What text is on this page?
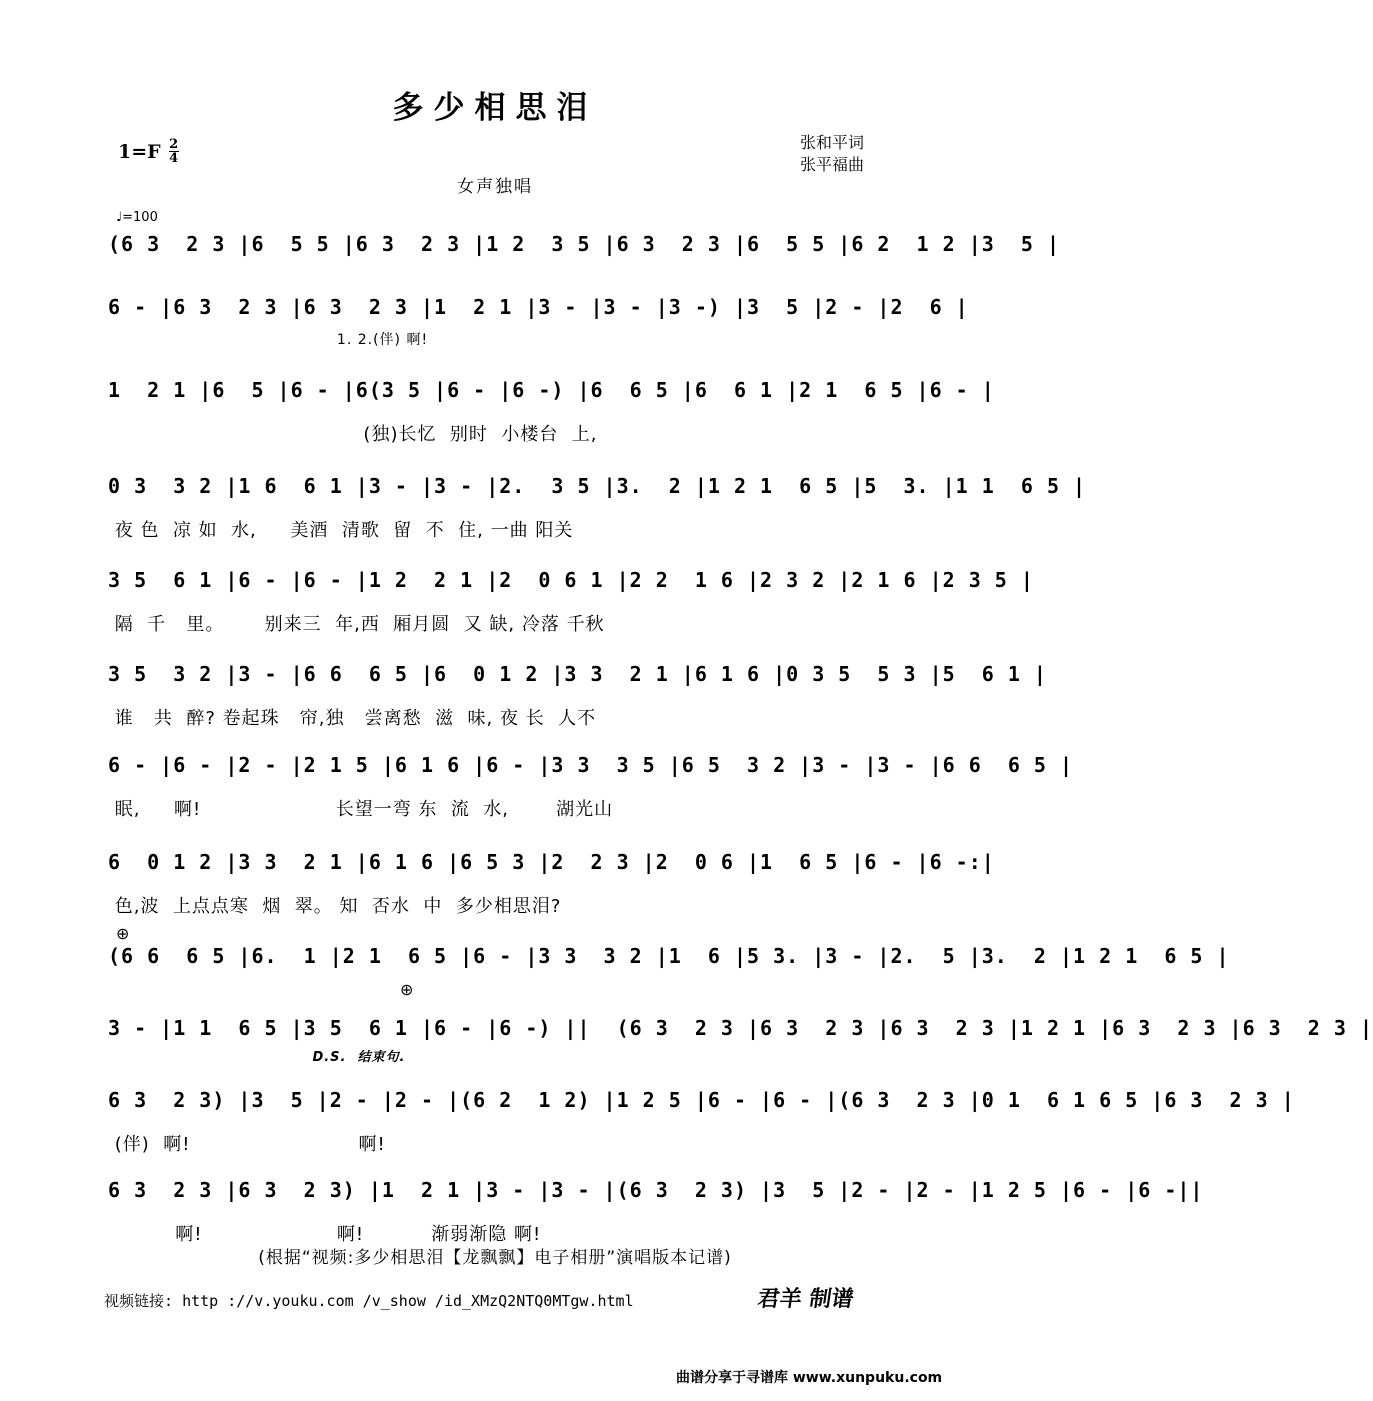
多少相思泪
$1=F \frac{2}{4}$	张和平词
张平福曲
女声独唱
♩=100
(6 3  2 3 |6  5 5 |6 3  2 3 |1 2  3 5 |6 3  2 3 |6  5 5 |6 2  1 2 |3  5 |
6 - |6 3  2 3 |6 3  2 3 |1  2 1 |3 - |3 - |3 -) |3  5 |2 - |2  6 |
1. 2.(伴) 啊!
1  2 1 |6  5 |6 - |6(3 5 |6 - |6 -) |6  6 5 |6  6 1 |2 1  6 5 |6 - |
(独)长忆  别时  小楼台  上,
0 3  3 2 |1 6  6 1 |3 - |3 - |2.  3 5 |3.  2 |1 2 1  6 5 |5  3. |1 1  6 5 |
夜 色  凉 如  水,     美酒  清歌  留  不  住, 一曲 阳关
3 5  6 1 |6 - |6 - |1 2  2 1 |2  0 6 1 |2 2  1 6 |2 3 2 |2 1 6 |2 3 5 |
隔  千   里。      别来三  年,西  厢月圆  又 缺, 冷落 千秋
3 5  3 2 |3 - |6 6  6 5 |6  0 1 2 |3 3  2 1 |6 1 6 |0 3 5  5 3 |5  6 1 |
谁   共  醉? 卷起珠   帘,独   尝离愁  滋  味, 夜 长  人不
6 - |6 - |2 - |2 1 5 |6 1 6 |6 - |3 3  3 5 |6 5  3 2 |3 - |3 - |6 6  6 5 |
眠,     啊!                    长望一弯 东  流  水,       湖光山
6  0 1 2 |3 3  2 1 |6 1 6 |6 5 3 |2  2 3 |2  0 6 |1  6 5 |6 - |6 -:|
色,波  上点点寒  烟  翠。 知  否水  中  多少相思泪?
⊕
(6 6  6 5 |6.  1 |2 1  6 5 |6 - |3 3  3 2 |1  6 |5 3. |3 - |2.  5 |3.  2 |1 2 1  6 5 |
⊕
3 - |1 1  6 5 |3 5  6 1 |6 - |6 -) ||  (6 3  2 3 |6 3  2 3 |6 3  2 3 |1 2 1 |6 3  2 3 |6 3  2 3 |
D.S.  结束句.
6 3  2 3) |3  5 |2 - |2 - |(6 2  1 2) |1 2 5 |6 - |6 - |(6 3  2 3 |0 1  6 1 6 5 |6 3  2 3 |
(伴)  啊!                         啊!
6 3  2 3 |6 3  2 3) |1  2 1 |3 - |3 - |(6 3  2 3) |3  5 |2 - |2 - |1 2 5 |6 - |6 -||
啊!                    啊!          渐弱渐隐 啊!
(根据“视频:多少相思泪【龙飘飘】电子相册”演唱版本记谱)
视频链接: http ://v.youku.com /v_show /id_XMzQ2NTQ0MTgw.html	君羊 制谱
曲谱分享于寻谱库 www.xunpuku.com
